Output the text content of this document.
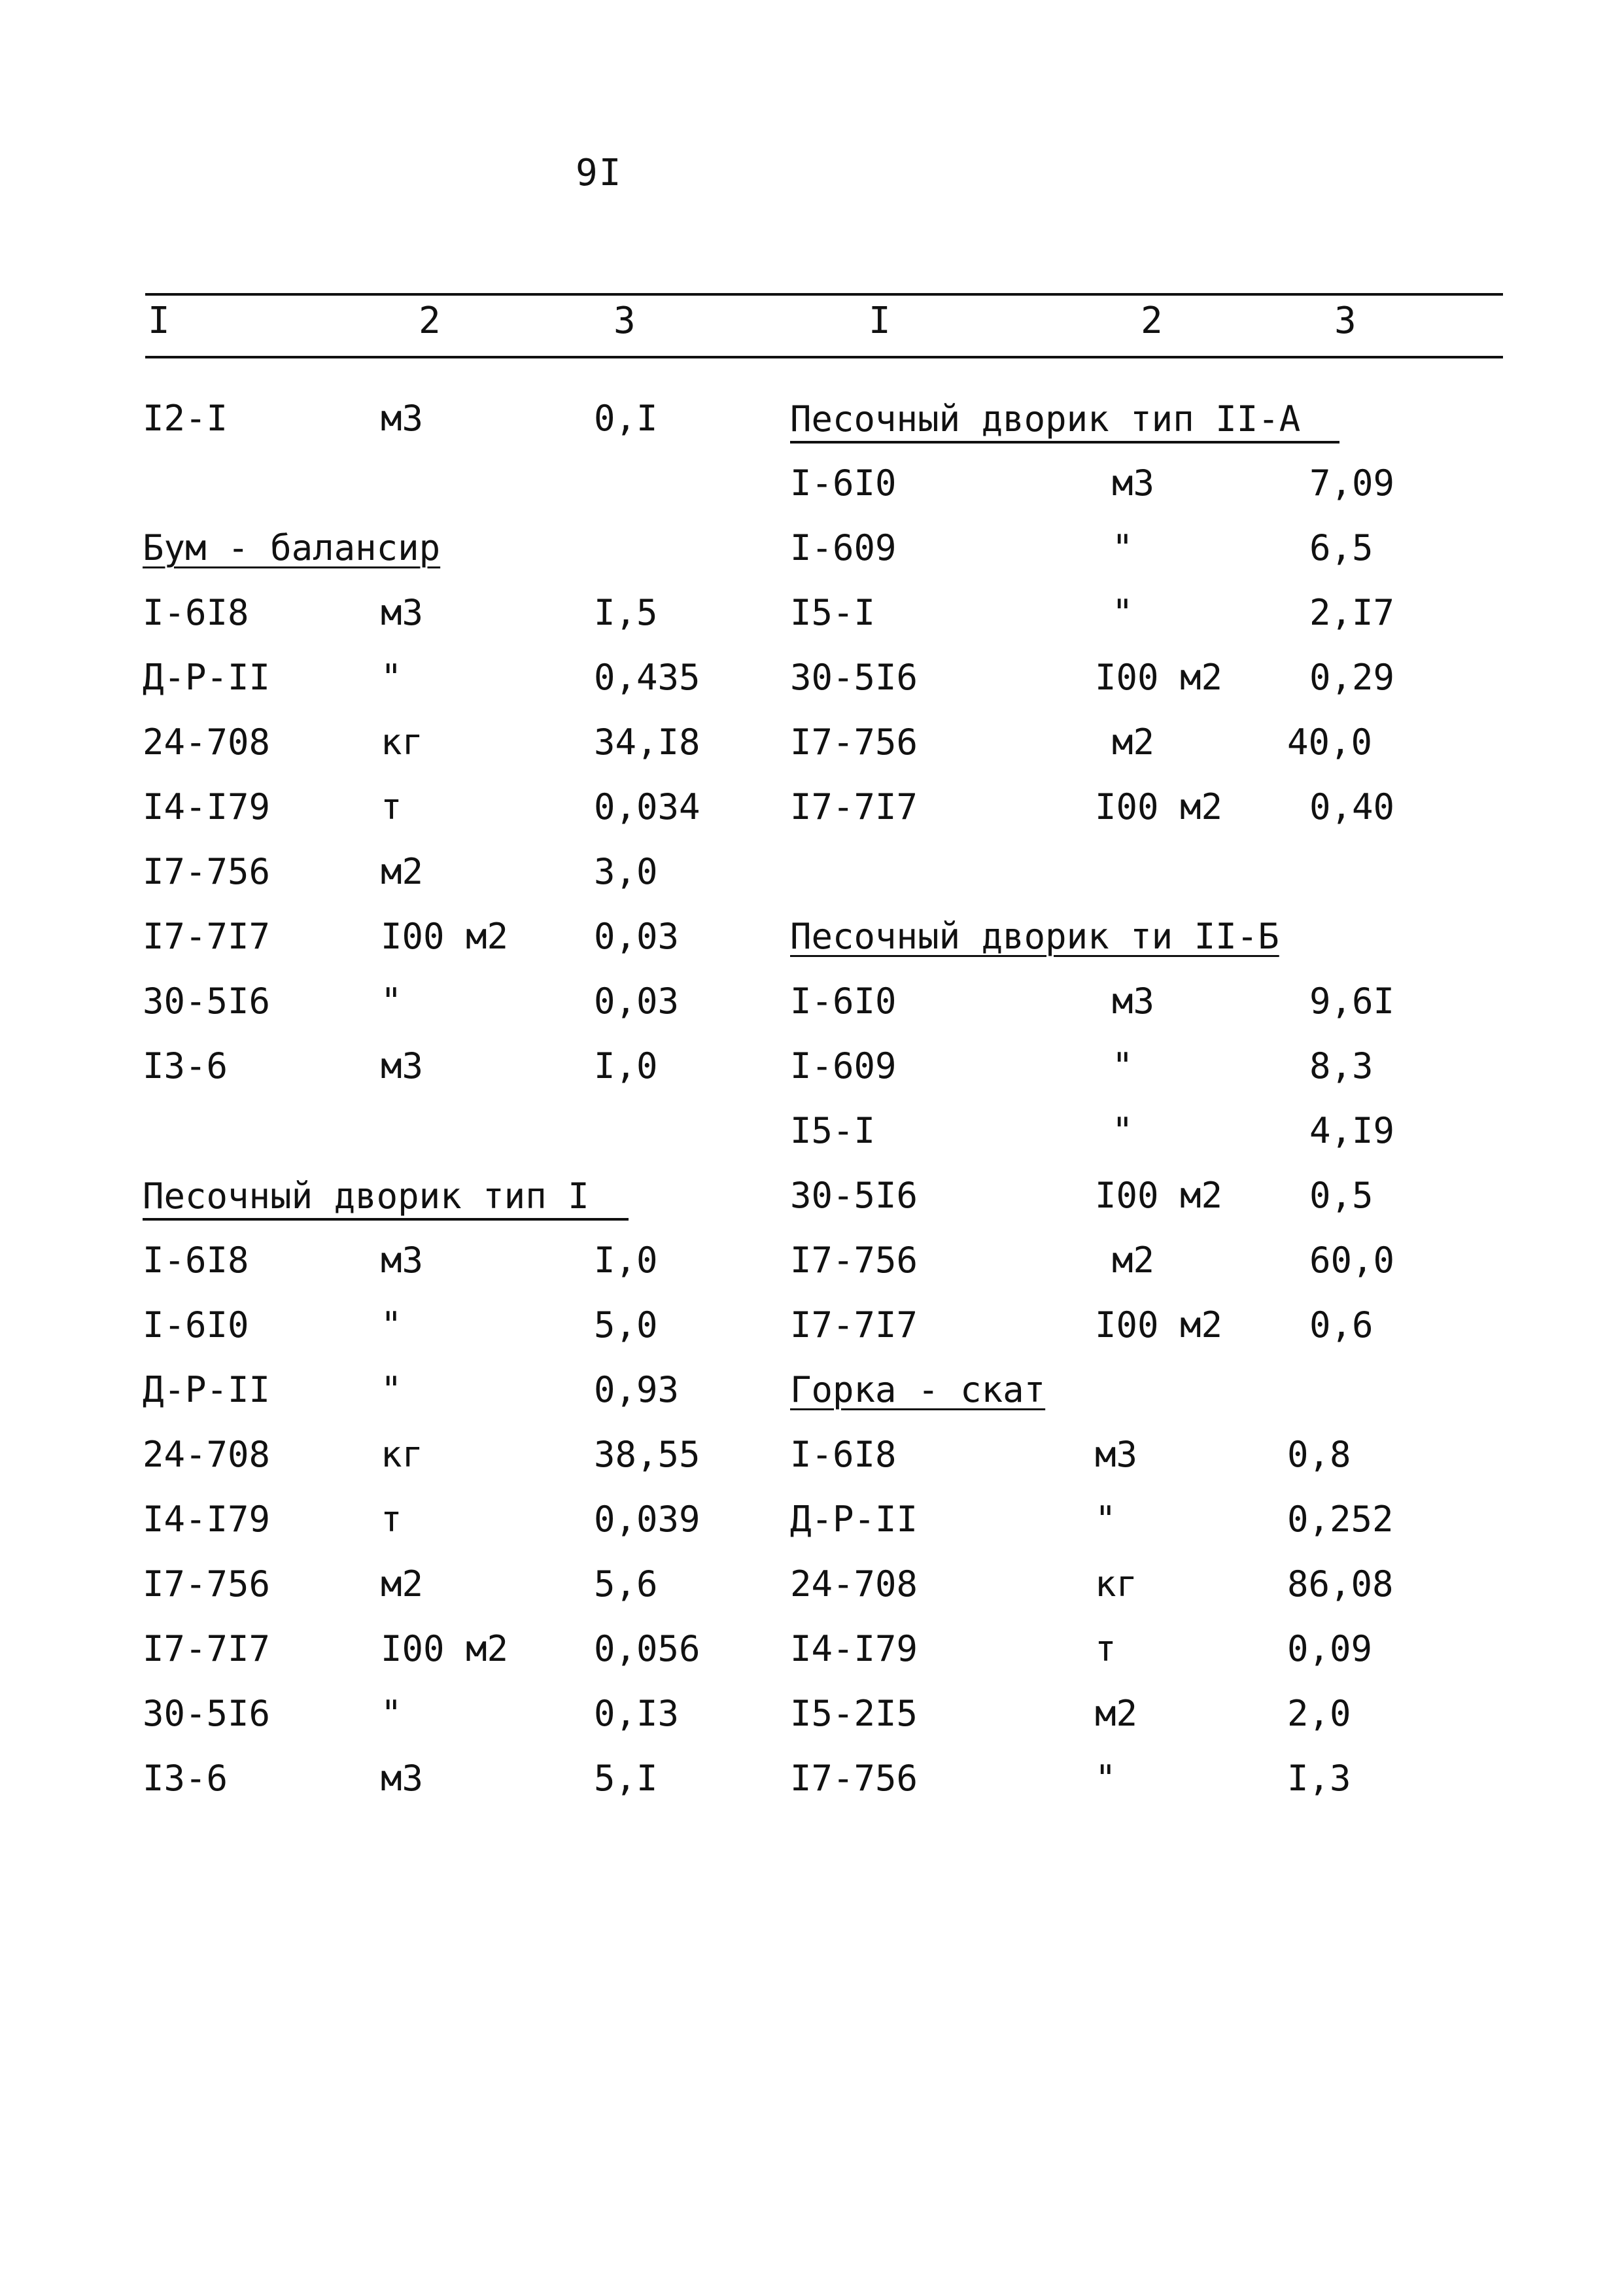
9I
I	2	3	I	2	3
I2-I	м3	0,I
Бум - балансир
I-6I8	м3	I,5
Д-Р-II	"	0,435
24-708	кг	34,I8
I4-I79	т	0,034
I7-756	м2	3,0
I7-7I7	I00 м2 0,03
30-5I6	"	0,03
I3-6	м3	I,0
Песочный дворик тип I
I-6I8	м3	I,0
I-6I0	"	5,0
Д-Р-II	"	0,93
24-708	кг	38,55
I4-I79	т	0,039
I7-756	м2	5,6
I7-7I7	I00 м2 0,056
30-5I6	"	0,I3
I3-6	м3	5,I
Песочный дворик тип II-А
I-6I0	м3	7,09
I-609	"	6,5
I5-I	"	2,I7
30-5I6	I00 м2 0,29
I7-756	м2	40,0
I7-7I7	I00 м2 0,40
Песочный дворик ти II-Б
I-6I0	м3	9,6I
I-609	"	8,3
I5-I	"	4,I9
30-5I6	I00 м2 0,5
I7-756	м2	60,0
I7-7I7	I00 м2 0,6
Горка - скат
I-6I8	м3	0,8
Д-Р-II	"	0,252
24-708	кг	86,08
I4-I79	т	0,09
I5-2I5	м2	2,0
I7-756	"	I,3
